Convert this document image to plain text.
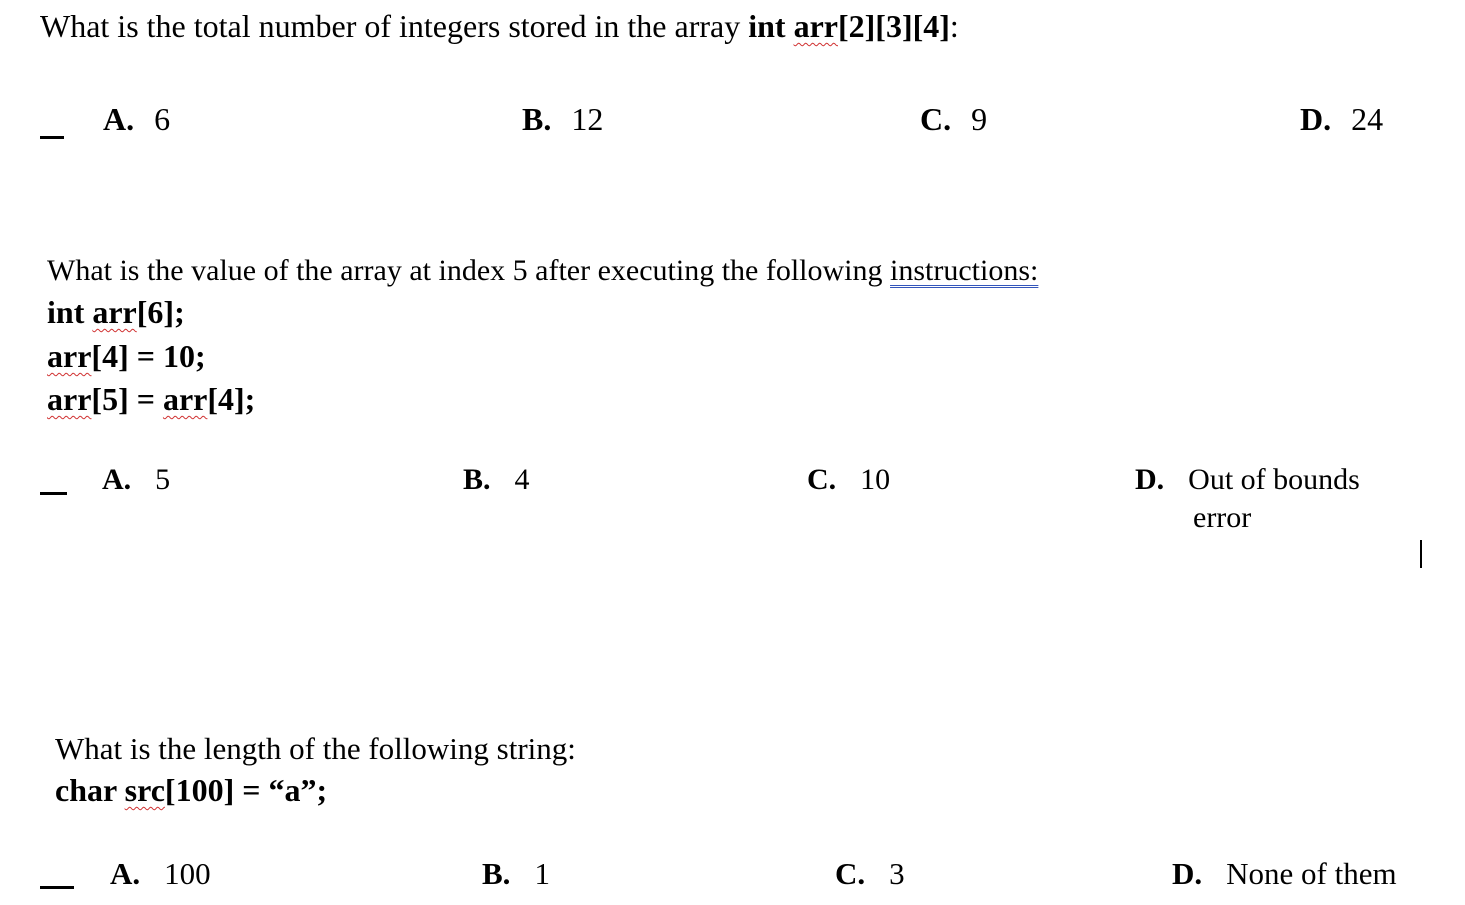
What is the total number of integers stored in the array int arr[2][3][4]:
A. 6	B. 12	C. 9	D. 24
What is the value of the array at index 5 after executing the following instructions:
int arr[6];
arr[4] = 10;
arr[5] = arr[4];
A. 5	B. 4	C. 10	D. Out of bounds
error
What is the length of the following string:
char src[100] = “a”;
A. 100	B. 1	C. 3	D. None of them
